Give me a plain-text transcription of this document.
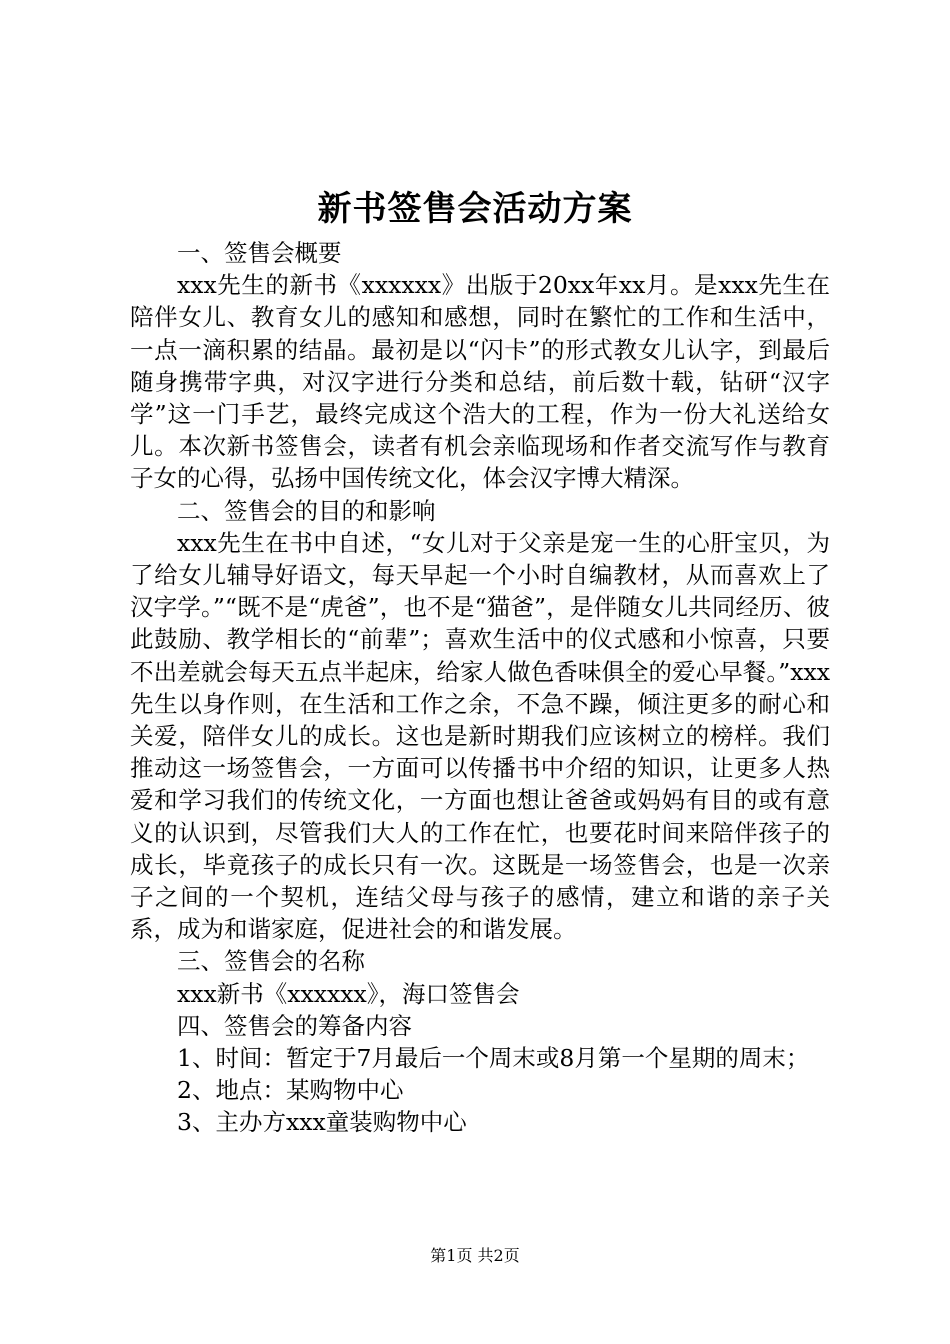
新书签售会活动方案

一、签售会概要

xxx先生的新书《xxxxxx》出版于20xx年xx月。是xxx先生在陪伴女儿、教育女儿的感知和感想，同时在繁忙的工作和生活中，一点一滴积累的结晶。最初是以“闪卡”的形式教女儿认字，到最后随身携带字典，对汉字进行分类和总结，前后数十载，钻研“汉字学”这一门手艺，最终完成这个浩大的工程，作为一份大礼送给女儿。本次新书签售会，读者有机会亲临现场和作者交流写作与教育子女的心得，弘扬中国传统文化，体会汉字博大精深。

二、签售会的目的和影响

xxx先生在书中自述，“女儿对于父亲是宠一生的心肝宝贝，为了给女儿辅导好语文，每天早起一个小时自编教材，从而喜欢上了汉字学。”“既不是“虎爸”，也不是“猫爸”，是伴随女儿共同经历、彼此鼓励、教学相长的“前辈”；喜欢生活中的仪式感和小惊喜，只要不出差就会每天五点半起床，给家人做色香味俱全的爱心早餐。”xxx先生以身作则，在生活和工作之余，不急不躁，倾注更多的耐心和关爱，陪伴女儿的成长。这也是新时期我们应该树立的榜样。我们推动这一场签售会，一方面可以传播书中介绍的知识，让更多人热爱和学习我们的传统文化，一方面也想让爸爸或妈妈有目的或有意义的认识到，尽管我们大人的工作在忙，也要花时间来陪伴孩子的成长，毕竟孩子的成长只有一次。这既是一场签售会，也是一次亲子之间的一个契机，连结父母与孩子的感情，建立和谐的亲子关系，成为和谐家庭，促进社会的和谐发展。

三、签售会的名称

xxx新书《xxxxxx》，海口签售会

四、签售会的筹备内容

1、时间：暂定于7月最后一个周末或8月第一个星期的周末；

2、地点：某购物中心

3、主办方xxx童装购物中心

第1页 共2页
